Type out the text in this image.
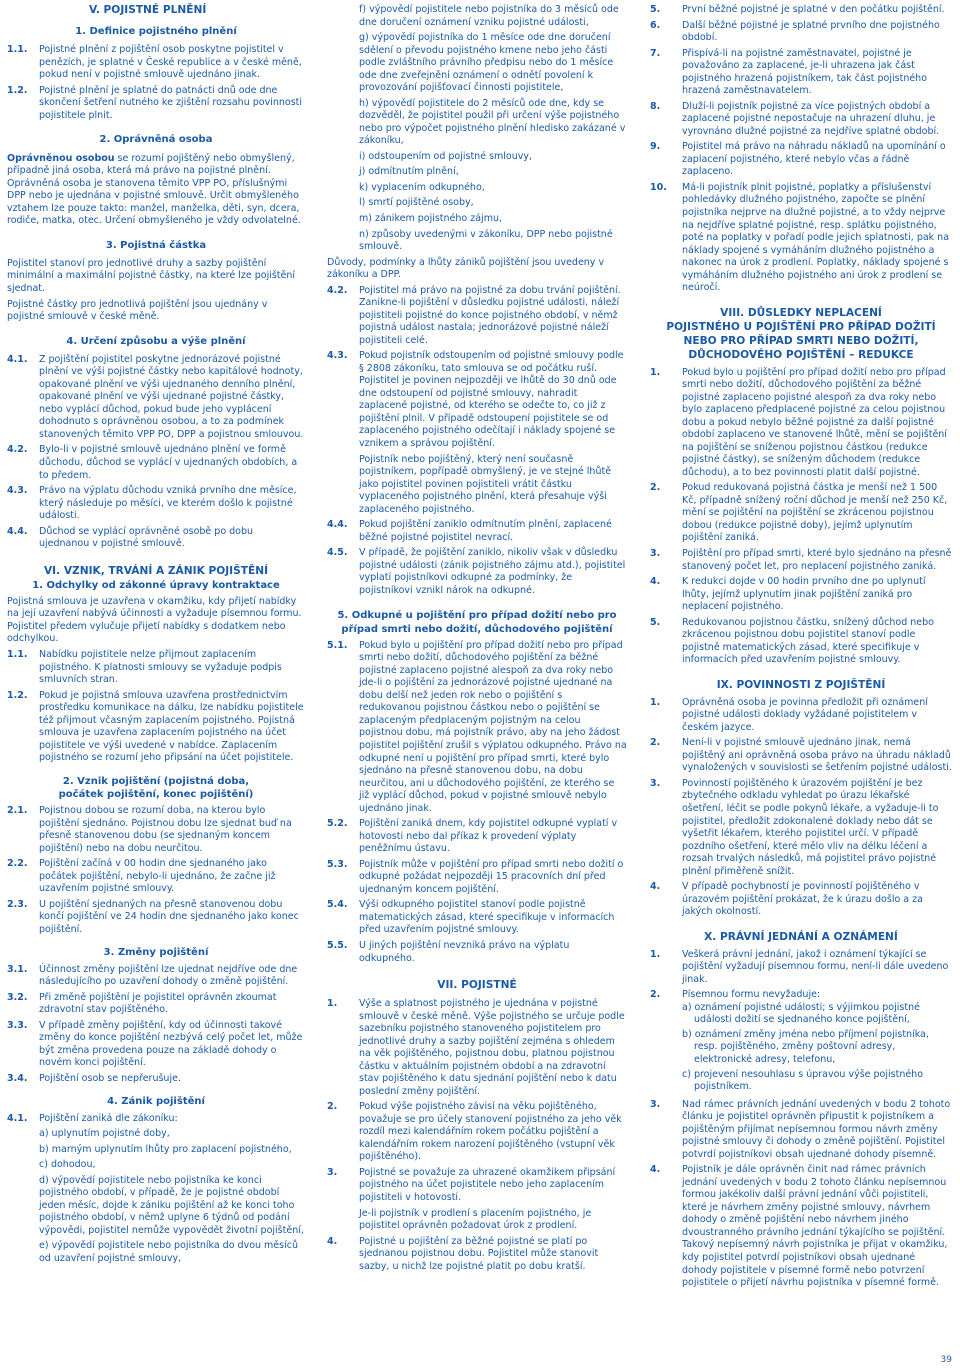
V. POJISTNÉ PLNĚNÍ
1. Definice pojistného plnění
1.1.	Pojistné plnění z pojištění osob poskytne pojistitel v penězích, je splatné v České republice a v české měně, pokud není v pojistné smlouvě ujednáno jinak.
1.2.	Pojistné plnění je splatné do patnácti dnů ode dne skončení šetření nutného ke zjištění rozsahu povinnosti pojistitele plnit.
2. Oprávněná osoba

Oprávněnou osobou se rozumí pojištěný nebo obmyšlený, případně jiná osoba, která má právo na pojistné plnění. Oprávněná osoba je stanovena těmito VPP PO, příslušnými DPP nebo je ujednána v pojistné smlouvě. Určit obmyšleného vztahem lze pouze takto: manžel, manželka, děti, syn, dcera, rodiče, matka, otec. Určení obmyšleného je vždy odvolatelné.

3. Pojistná částka

Pojistitel stanoví pro jednotlivé druhy a sazby pojištění minimální a maximální pojistné částky, na které lze pojištění sjednat.

Pojistné částky pro jednotlivá pojištění jsou ujednány v pojistné smlouvě v české měně.

4. Určení způsobu a výše plnění
4.1.	Z pojištění pojistitel poskytne jednorázové pojistné plnění ve výši pojistné částky nebo kapitálové hodnoty, opakované plnění ve výši ujednaného denního plnění, opakované plnění ve výši ujednané pojistné částky, nebo vyplácí důchod, pokud bude jeho vyplácení dohodnuto s oprávněnou osobou, a to za podmínek stanovených těmito VPP PO, DPP a pojistnou smlouvou.
4.2.	Bylo-li v pojistné smlouvě ujednáno plnění ve formě důchodu, důchod se vyplácí v ujednaných obdobích, a to předem.
4.3.	Právo na výplatu důchodu vzniká prvního dne měsíce, který následuje po měsíci, ve kterém došlo k pojistné události.
4.4.	Důchod se vyplácí oprávněné osobě po dobu ujednanou v pojistné smlouvě.
VI. VZNIK, TRVÁNÍ A ZÁNIK POJIŠTĚNÍ
1. Odchylky od zákonné úpravy kontraktace

Pojistná smlouva je uzavřena v okamžiku, kdy přijetí nabídky na její uzavření nabývá účinnosti a vyžaduje písemnou formu. Pojistitel předem vylučuje přijetí nabídky s dodatkem nebo odchylkou.

1.1.	Nabídku pojistitele nelze přijmout zaplacením pojistného. K platnosti smlouvy se vyžaduje podpis smluvních stran.
1.2.	Pokud je pojistná smlouva uzavřena prostřednictvím prostředku komunikace na dálku, lze nabídku pojistitele též přijmout včasným zaplacením pojistného. Pojistná smlouva je uzavřena zaplacením pojistného na účet pojistitele ve výši uvedené v nabídce. Zaplacením pojistného se rozumí jeho připsání na účet pojistitele.
2. Vznik pojištění (pojistná doba,
počátek pojištění, konec pojištění)
2.1.	Pojistnou dobou se rozumí doba, na kterou bylo pojištění sjednáno. Pojistnou dobu lze sjednat buď na přesně stanovenou dobu (se sjednaným koncem pojištění) nebo na dobu neurčitou.
2.2.	Pojištění začíná v 00 hodin dne sjednaného jako počátek pojištění, nebylo-li ujednáno, že začne již uzavřením pojistné smlouvy.
2.3.	U pojištění sjednaných na přesně stanovenou dobu končí pojištění ve 24 hodin dne sjednaného jako konec pojištění.
3. Změny pojištění
3.1.	Účinnost změny pojištění lze ujednat nejdříve ode dne následujícího po uzavření dohody o změně pojištění.
3.2.	Při změně pojištění je pojistitel oprávněn zkoumat zdravotní stav pojištěného.
3.3.	V případě změny pojištění, kdy od účinnosti takové změny do konce pojištění nezbývá celý počet let, může být změna provedena pouze na základě dohody o novém konci pojištění.
3.4.	Pojištění osob se nepřerušuje.
4. Zánik pojištění
4.1.	Pojištění zaniká dle zákoníku:
a) uplynutím pojistné doby,
b) marným uplynutím lhůty pro zaplacení pojistného,
c) dohodou,
d) výpovědí pojistitele nebo pojistníka ke konci pojistného období, v případě, že je pojistné období jeden měsíc, dojde k zániku pojištění až ke konci toho pojistného období, v němž uplyne 6 týdnů od podání výpovědi, pojistitel nemůže vypovědět životní pojištění,
e) výpovědí pojistitele nebo pojistníka do dvou měsíců od uzavření pojistné smlouvy,
f) výpovědí pojistitele nebo pojistníka do 3 měsíců ode dne doručení oznámení vzniku pojistné události,
g) výpovědí pojistníka do 1 měsíce ode dne doručení sdělení o převodu pojistného kmene nebo jeho části podle zvláštního právního předpisu nebo do 1 měsíce ode dne zveřejnění oznámení o odnětí povolení k provozování pojišťovací činnosti pojistitele,
h) výpovědí pojistitele do 2 měsíců ode dne, kdy se dozvěděl, že pojistitel použil při určení výše pojistného nebo pro výpočet pojistného plnění hledisko zakázané v zákoníku,
i) odstoupením od pojistné smlouvy,
j) odmítnutím plnění,
k) vyplacením odkupného,
l) smrtí pojištěné osoby,
m) zánikem pojistného zájmu,
n) způsoby uvedenými v zákoníku, DPP nebo pojistné smlouvě.

Důvody, podmínky a lhůty zániků pojištění jsou uvedeny v zákoníku a DPP.

4.2.	Pojistitel má právo na pojistné za dobu trvání pojištění. Zanikne-li pojištění v důsledku pojistné události, náleží pojistiteli pojistné do konce pojistného období, v němž pojistná událost nastala; jednorázové pojistné náleží pojistiteli celé.
4.3.	Pokud pojistník odstoupením od pojistné smlouvy podle § 2808 zákoníku, tato smlouva se od počátku ruší. Pojistitel je povinen nejpozději ve lhůtě do 30 dnů ode dne odstoupení od pojistné smlouvy, nahradit zaplacené pojistné, od kterého se odečte to, co již z pojištění plnil. V případě odstoupení pojistitele se od zaplaceného pojistného odečítají i náklady spojené se vznikem a správou pojištění.
Pojistník nebo pojištěný, který není současně pojistníkem, popřípadě obmyšlený, je ve stejné lhůtě jako pojistitel povinen pojistiteli vrátit částku vyplaceného pojistného plnění, která přesahuje výši zaplaceného pojistného.
4.4.	Pokud pojištění zaniklo odmítnutím plnění, zaplacené běžné pojistné pojistitel nevrací.
4.5.	V případě, že pojištění zaniklo, nikoliv však v důsledku pojistné události (zánik pojistného zájmu atd.), pojistitel vyplatí pojistníkovi odkupné za podmínky, že pojistníkovi vznikl nárok na odkupné.
5. Odkupné u pojištění pro případ dožití nebo pro
případ smrti nebo dožití, důchodového pojištění
5.1.	Pokud bylo u pojištění pro případ dožití nebo pro případ smrti nebo dožití, důchodového pojištění za běžné pojistné zaplaceno pojistné alespoň za dva roky nebo jde-li o pojištění za jednorázové pojistné ujednané na dobu delší než jeden rok nebo o pojištění s redukovanou pojistnou částkou nebo o pojištění se zaplaceným předplaceným pojistným na celou pojistnou dobu, má pojistník právo, aby na jeho žádost pojistitel pojištění zrušil s výplatou odkupného. Právo na odkupné není u pojištění pro případ smrti, které bylo sjednáno na přesně stanovenou dobu, na dobu neurčitou, ani u důchodového pojištění, ze kterého se již vyplácí důchod, pokud v pojistné smlouvě nebylo ujednáno jinak.
5.2.	Pojištění zaniká dnem, kdy pojistitel odkupné vyplatí v hotovosti nebo dal příkaz k provedení výplaty peněžnímu ústavu.
5.3.	Pojistník může v pojištění pro případ smrti nebo dožití o odkupné požádat nejpozději 15 pracovních dní před ujednaným koncem pojištění.
5.4.	Výši odkupného pojistitel stanoví podle pojistně matematických zásad, které specifikuje v informacích před uzavřením pojistné smlouvy.
5.5.	U jiných pojištění nevzniká právo na výplatu odkupného.
VII. POJISTNÉ
1.	Výše a splatnost pojistného je ujednána v pojistné smlouvě v české měně. Výše pojistného se určuje podle sazebníku pojistného stanoveného pojistitelem pro jednotlivé druhy a sazby pojištění zejména s ohledem na věk pojištěného, pojistnou dobu, platnou pojistnou částku v aktuálním pojistném období a na zdravotní stav pojištěného k datu sjednání pojištění nebo k datu poslední změny pojištění.
2.	Pokud výše pojistného závisí na věku pojištěného, považuje se pro účely stanovení pojistného za jeho věk rozdíl mezi kalendářním rokem počátku pojištění a kalendářním rokem narození pojištěného (vstupní věk pojištěného).
3.	Pojistné se považuje za uhrazené okamžikem připsání pojistného na účet pojistitele nebo jeho zaplacením pojistiteli v hotovosti.
Je-li pojistník v prodlení s placením pojistného, je pojistitel oprávněn požadovat úrok z prodlení.
4.	Pojistné u pojištění za běžné pojistné se platí po sjednanou pojistnou dobu. Pojistitel může stanovit sazby, u nichž lze pojistné platit po dobu kratší.
5.	První běžné pojistné je splatné v den počátku pojištění.
6.	Další běžné pojistné je splatné prvního dne pojistného období.
7.	Přispívá-li na pojistné zaměstnavatel, pojistné je považováno za zaplacené, je-li uhrazena jak část pojistného hrazená pojistníkem, tak část pojistného hrazená zaměstnavatelem.
8.	Dluží-li pojistník pojistné za více pojistných období a zaplacené pojistné nepostačuje na uhrazení dluhu, je vyrovnáno dlužné pojistné za nejdříve splatné období.
9.	Pojistitel má právo na náhradu nákladů na upomínání o zaplacení pojistného, které nebylo včas a řádně zaplaceno.
10.	Má-li pojistník plnit pojistné, poplatky a příslušenství pohledávky dlužného pojistného, započte se plnění pojistníka nejprve na dlužné pojistné, a to vždy nejprve na nejdříve splatné pojistné, resp. splátku pojistného, poté na poplatky v pořadí podle jejich splatnosti, pak na náklady spojené s vymáháním dlužného pojistného a nakonec na úrok z prodlení. Poplatky, náklady spojené s vymáháním dlužného pojistného ani úrok z prodlení se neúročí.
VIII. DŮSLEDKY NEPLACENÍ
POJISTNÉHO U POJIŠTĚNÍ PRO PŘÍPAD DOŽITÍ
NEBO PRO PŘÍPAD SMRTI NEBO DOŽITÍ,
DŮCHODOVÉHO POJIŠTĚNÍ – REDUKCE
1.	Pokud bylo u pojištění pro případ dožití nebo pro případ smrti nebo dožití, důchodového pojištění za běžné pojistné zaplaceno pojistné alespoň za dva roky nebo bylo zaplaceno předplacené pojistné za celou pojistnou dobu a pokud nebylo běžné pojistné za další pojistné období zaplaceno ve stanovené lhůtě, mění se pojištění na pojištění se sníženou pojistnou částkou (redukce pojistné částky), se sníženým důchodem (redukce důchodu), a to bez povinnosti platit další pojistné.
2.	Pokud redukovaná pojistná částka je menší než 1 500 Kč, případně snížený roční důchod je menší než 250 Kč, mění se pojištění na pojištění se zkrácenou pojistnou dobou (redukce pojistné doby), jejímž uplynutím pojištění zaniká.
3.	Pojištění pro případ smrti, které bylo sjednáno na přesně stanovený počet let, pro neplacení pojistného zaniká.
4.	K redukci dojde v 00 hodin prvního dne po uplynutí lhůty, jejímž uplynutím jinak pojištění zaniká pro neplacení pojistného.
5.	Redukovanou pojistnou částku, snížený důchod nebo zkrácenou pojistnou dobu pojistitel stanoví podle pojistně matematických zásad, které specifikuje v informacích před uzavřením pojistné smlouvy.
IX. POVINNOSTI Z POJIŠTĚNÍ
1.	Oprávněná osoba je povinna předložit při oznámení pojistné události doklady vyžádané pojistitelem v českém jazyce.
2.	Není-li v pojistné smlouvě ujednáno jinak, nemá pojištěný ani oprávněná osoba právo na úhradu nákladů vynaložených v souvislosti se šetřením pojistné události.
3.	Povinností pojištěného k úrazovém pojištění je bez zbytečného odkladu vyhledat po úrazu lékařské ošetření, léčit se podle pokynů lékaře, a vyžaduje-li to pojistitel, předložit zdokonalené doklady nebo dát se vyšetřit lékařem, kterého pojistitel určí. V případě pozdního ošetření, které mělo vliv na délku léčení a rozsah trvalých následků, má pojistitel právo pojistné plnění přiměřeně snížit.
4.	V případě pochybností je povinností pojištěného v úrazovém pojištění prokázat, že k úrazu došlo a za jakých okolností.
X. PRÁVNÍ JEDNÁNÍ A OZNÁMENÍ
1.	Veškerá právní jednání, jakož i oznámení týkající se pojištění vyžadují písemnou formu, není-li dále uvedeno jinak.
2.	Písemnou formu nevyžaduje:
a) oznámení pojistné události; s výjimkou pojistné události dožití se sjednaného konce pojištění,
b) oznámení změny jména nebo příjmení pojistníka, resp. pojištěného, změny poštovní adresy, elektronické adresy, telefonu,
c) projevení nesouhlasu s úpravou výše pojistného pojistníkem.
3.	Nad rámec právních jednání uvedených v bodu 2 tohoto článku je pojistitel oprávněn připustit k pojistníkem a pojištěným přijímat nepísemnou formou návrh změny pojistné smlouvy či dohody o změně pojištění. Pojistitel potvrdí pojistníkovi obsah ujednané dohody písemně.
4.	Pojistník je dále oprávněn činit nad rámec právních jednání uvedených v bodu 2 tohoto článku nepísemnou formou jakékoliv další právní jednání vůči pojistiteli, které je návrhem změny pojistné smlouvy, návrhem dohody o změně pojištění nebo návrhem jiného dvoustranného právního jednání týkajícího se pojištění. Takový nepísemný návrh pojistníka je přijat v okamžiku, kdy pojistitel potvrdí pojistníkovi obsah ujednané dohody pojistitele v písemné formě nebo potvrzení pojistitele o přijetí návrhu pojistníka v písemné formě.
39
